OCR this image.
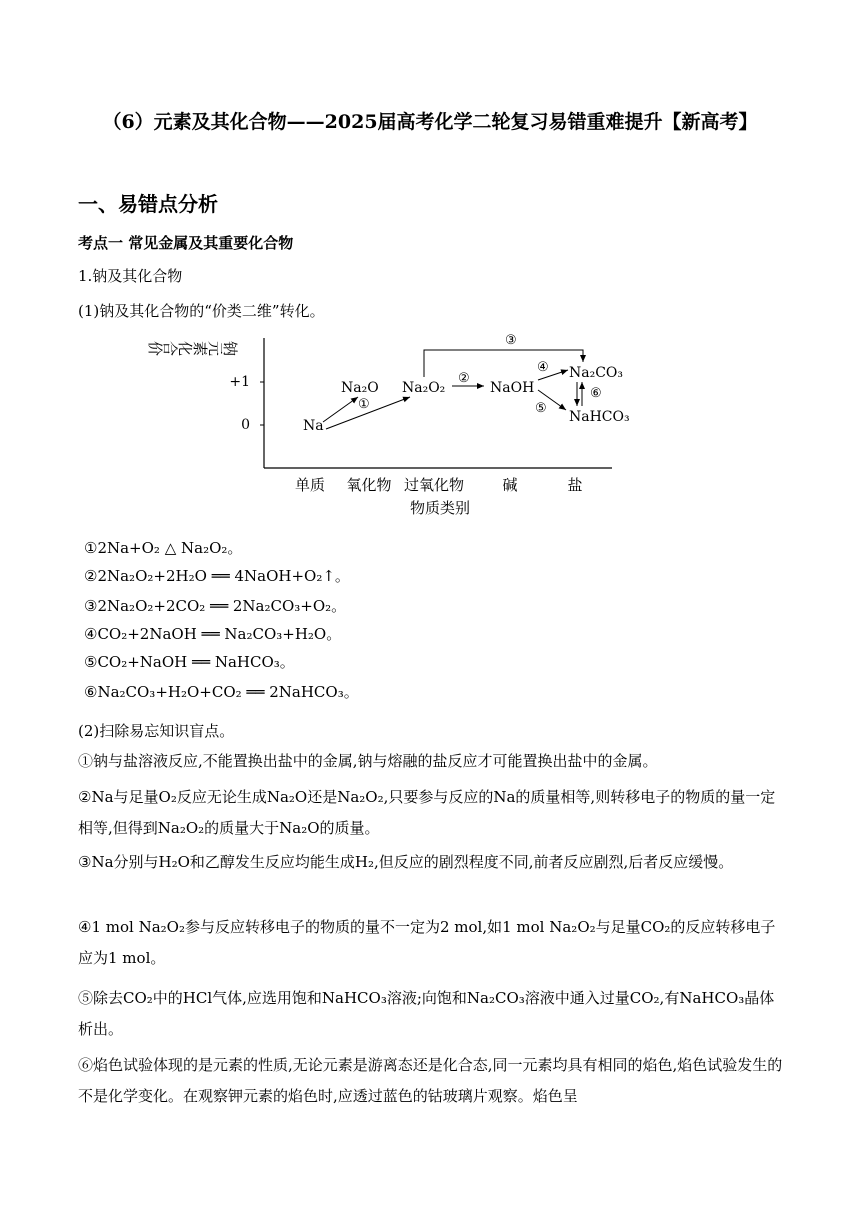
（6）元素及其化合物——2025届高考化学二轮复习易错重难提升【新高考】
一、易错点分析
考点一 常见金属及其重要化合物
1.钠及其化合物
(1)钠及其化合物的“价类二维”转化。
+1
0
钠元素化合价
单质 氧化物 过氧化物	碱	盐
物质类别
Na
Na₂O Na₂O₂	NaOH
Na₂CO₃
NaHCO₃
①
②
③
④
⑤
⑥
①2Na+O₂ △ Na₂O₂。
②2Na₂O₂+2H₂O ══ 4NaOH+O₂↑。
③2Na₂O₂+2CO₂ ══ 2Na₂CO₃+O₂。
④CO₂+2NaOH ══ Na₂CO₃+H₂O。
⑤CO₂+NaOH ══ NaHCO₃。
⑥Na₂CO₃+H₂O+CO₂ ══ 2NaHCO₃。
(2)扫除易忘知识盲点。
①钠与盐溶液反应,不能置换出盐中的金属,钠与熔融的盐反应才可能置换出盐中的金属。
②Na与足量O₂反应无论生成Na₂O还是Na₂O₂,只要参与反应的Na的质量相等,则转移电子的物质的量一定相等,但得到Na₂O₂的质量大于Na₂O的质量。
③Na分别与H₂O和乙醇发生反应均能生成H₂,但反应的剧烈程度不同,前者反应剧烈,后者反应缓慢。
④1 mol Na₂O₂参与反应转移电子的物质的量不一定为2 mol,如1 mol Na₂O₂与足量CO₂的反应转移电子应为1 mol。
⑤除去CO₂中的HCl气体,应选用饱和NaHCO₃溶液;向饱和Na₂CO₃溶液中通入过量CO₂,有NaHCO₃晶体析出。
⑥焰色试验体现的是元素的性质,无论元素是游离态还是化合态,同一元素均具有相同的焰色,焰色试验发生的不是化学变化。在观察钾元素的焰色时,应透过蓝色的钴玻璃片观察。焰色呈
